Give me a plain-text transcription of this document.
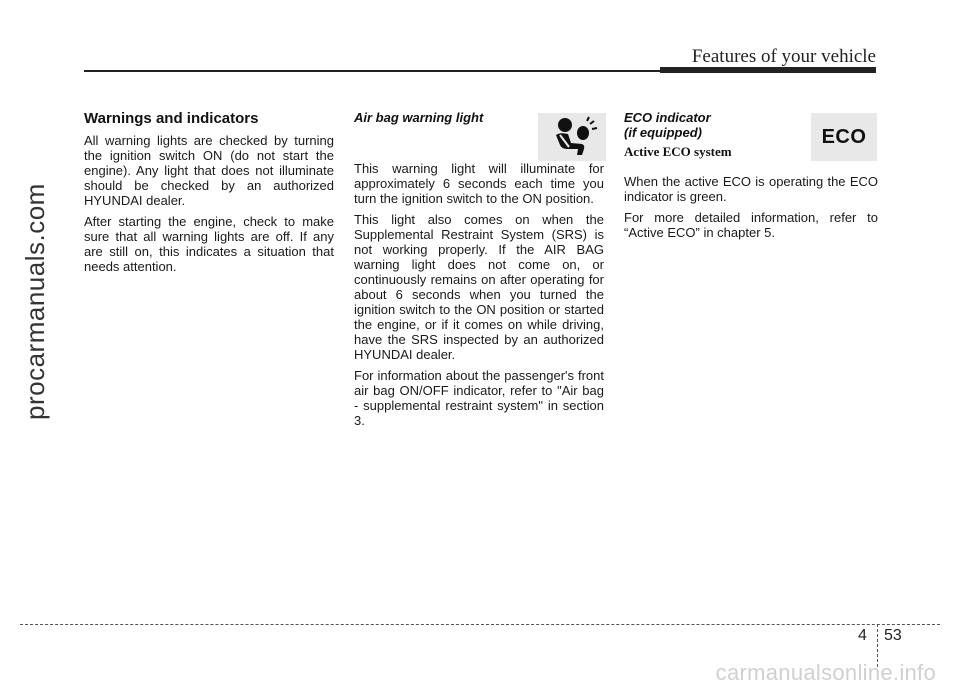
Features of your vehicle
procarmanuals.com
Warnings and indicators

All warning lights are checked by turning the ignition switch ON (do not start the engine). Any light that does not illuminate should be checked by an authorized HYUNDAI dealer.

After starting the engine, check to make sure that all warning lights are off. If any are still on, this indicates a situation that needs attention.

Air bag warning light

This warning light will illuminate for approximately 6 seconds each time you turn the ignition switch to the ON position.

This light also comes on when the Supplemental Restraint System (SRS) is not working properly. If the AIR BAG warning light does not come on, or continuously remains on after operating for about 6 seconds when you turned the ignition switch to the ON position or started the engine, or if it comes on while driving, have the SRS inspected by an authorized HYUNDAI dealer.

For information about the passenger's front air bag ON/OFF indicator, refer to "Air bag - supplemental restraint system" in section 3.

ECO
ECO indicator
(if equipped)
Active ECO system

When the active ECO is operating the ECO indicator is green.

For more detailed information, refer to “Active ECO” in chapter 5.

4 53
carmanualsonline.info
